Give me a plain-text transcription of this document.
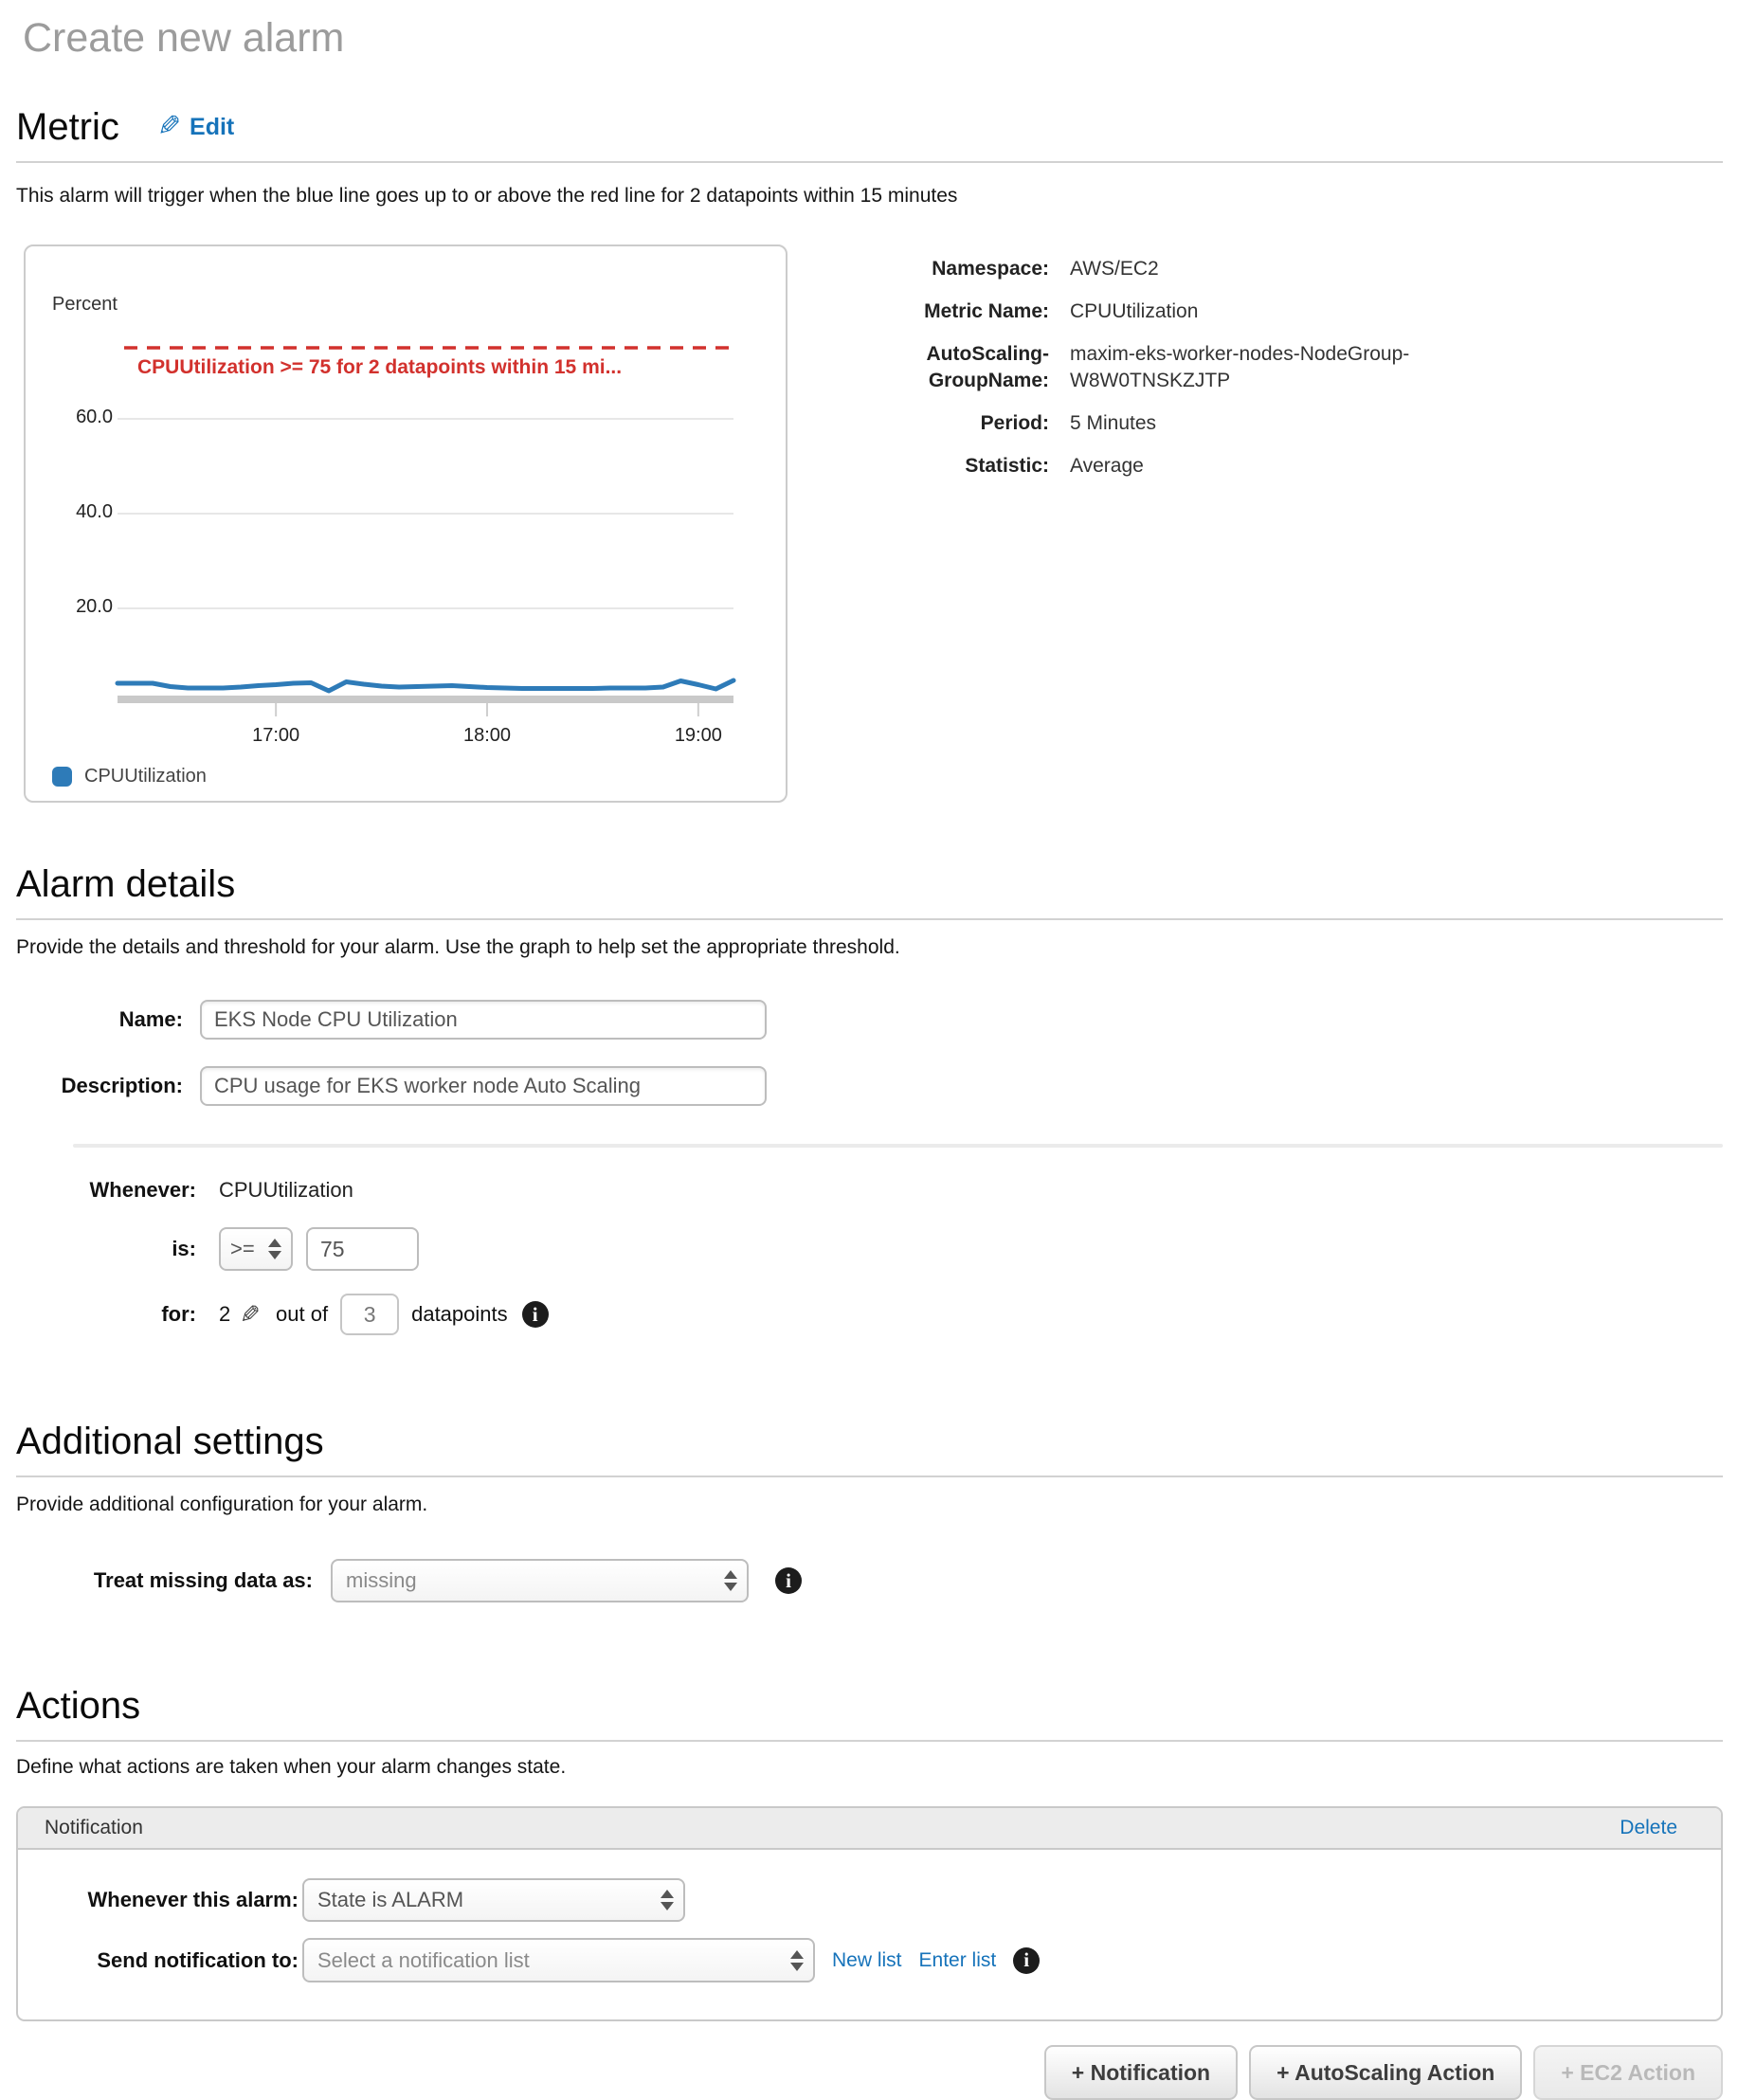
Create new alarm
Metric ✎ Edit

This alarm will trigger when the blue line goes up to or above the red line for 2 datapoints within 15 minutes

Percent
20.0
40.0
60.0
17:00	18:00	19:00
CPUUtilization >= 75 for 2 datapoints within 15 mi...
CPUUtilization
Namespace: AWS/EC2
Metric Name: CPUUtilization
AutoScaling-GroupName:
maxim-eks-worker-nodes-NodeGroup-W8W0TNSKZJTP
Period: 5 Minutes
Statistic: Average
Alarm details

Provide the details and threshold for your alarm. Use the graph to help set the appropriate threshold.

Name:
EKS Node CPU Utilization
Description:
CPU usage for EKS worker node Auto Scaling
Whenever: CPUUtilization
is: >=
75
for: 2 ✎ out of
3	datapoints	i
Additional settings

Provide additional configuration for your alarm.

Treat missing data as: missing	i
Actions

Define what actions are taken when your alarm changes state.

Notification	Delete
Whenever this alarm: State is ALARM
Send notification to: Select a notification list	New list Enter list	i
+ Notification	+ AutoScaling Action	+ EC2 Action
